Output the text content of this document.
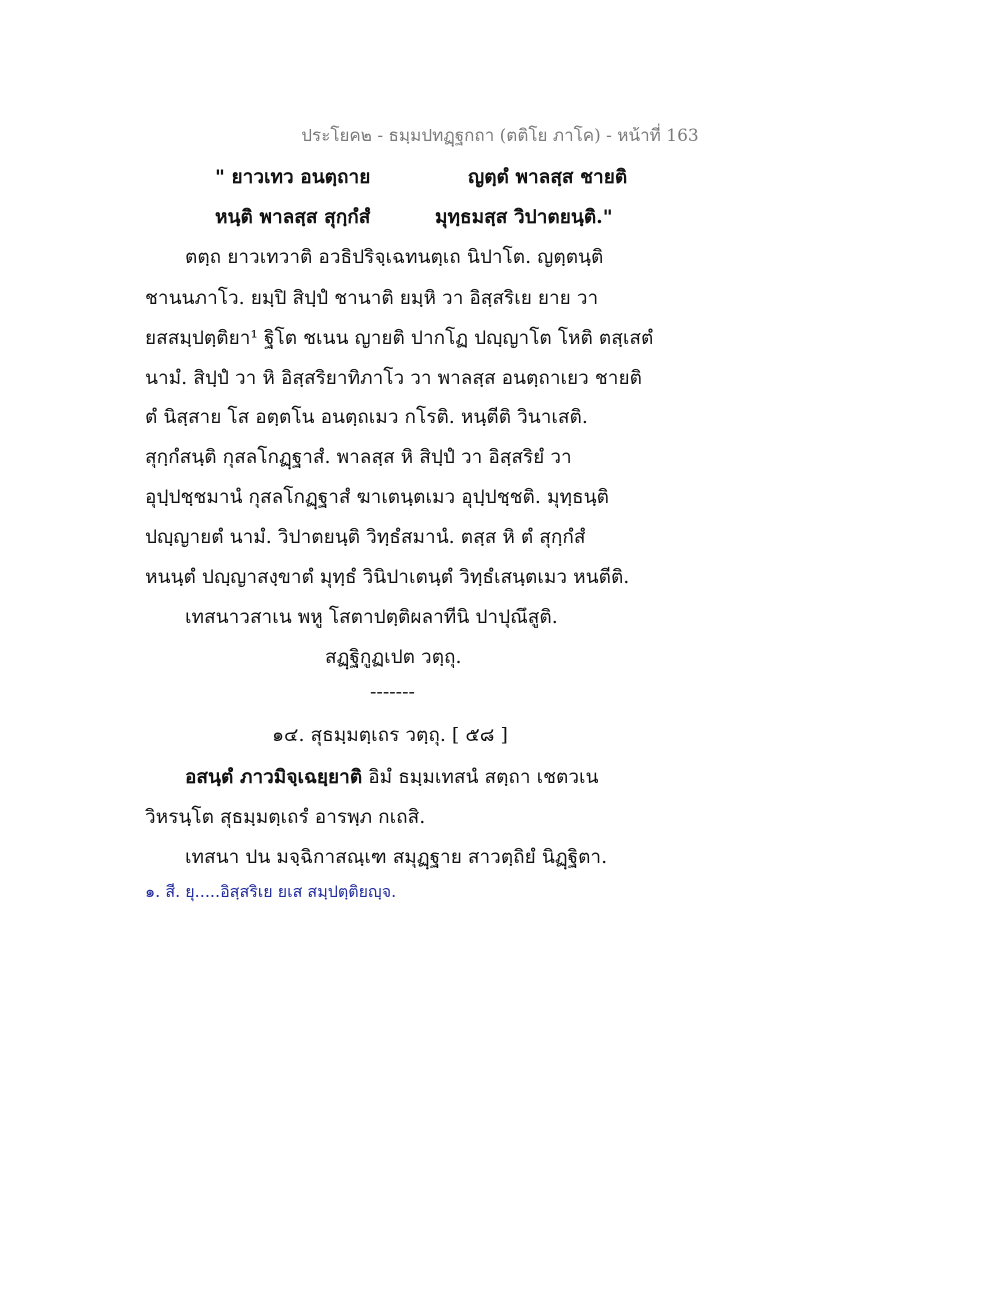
ประโยค๒ - ธมฺมปทฏฺฐกถา (ตติโย ภาโค) - หน้าที่ 163
" ยาวเทว อนตฺถาย	ญตฺตํ พาลสฺส ชายติ
หนฺติ พาลสฺส สุกฺกํสํ	มุทฺธมสฺส วิปาตยนฺติ."
ตตฺถ ยาวเทวาติ อวธิปริจฺเฉทนตฺเถ นิปาโต. ญตฺตนฺติ
ชานนภาโว. ยมฺปิ สิปฺปํ ชานาติ ยมฺหิ วา อิสฺสริเย ยาย วา
ยสสมฺปตฺติยา¹ ฐิโต ชเนน ญายติ ปากโฏ ปญฺญาโต โหติ ตสฺเสตํ
นามํ. สิปฺปํ วา หิ อิสฺสริยาทิภาโว วา พาลสฺส อนตฺถาเยว ชายติ
ตํ นิสฺสาย โส อตฺตโน อนตฺถเมว กโรติ. หนฺตีติ วินาเสติ.
สุกฺกํสนฺติ กุสลโกฏฺฐาสํ. พาลสฺส หิ สิปฺปํ วา อิสฺสริยํ วา
อุปฺปชฺชมานํ กุสลโกฏฺฐาสํ ฆาเตนฺตเมว อุปฺปชฺชติ. มุทฺธนฺติ
ปญฺญายตํ นามํ. วิปาตยนฺติ วิทฺธํสมานํ. ตสฺส หิ ตํ สุกฺกํสํ
หนนฺตํ ปญฺญาสงฺขาตํ มุทฺธํ วินิปาเตนฺตํ วิทฺธํเสนฺตเมว หนตีติ.
เทสนาวสาเน พหู โสตาปตฺติผลาทีนิ ปาปุณึสูติ.
สฏฺฐิกูฏเปต วตฺถุ.
-------
๑๔. สุธมฺมตฺเถร วตฺถุ. [ ๕๘ ]
อสนฺตํ ภาวมิจฺเฉยฺยาติ อิมํ ธมฺมเทสนํ สตฺถา เชตวเน
วิหรนฺโต สุธมฺมตฺเถรํ อารพฺภ กเถสิ.
เทสนา ปน มจฺฉิกาสณฺเฑ สมุฏฺฐาย สาวตฺถิยํ นิฏฺฐิตา.
๑. สี. ยุ.....อิสฺสริเย ยเส สมฺปตฺติยญฺจ.
